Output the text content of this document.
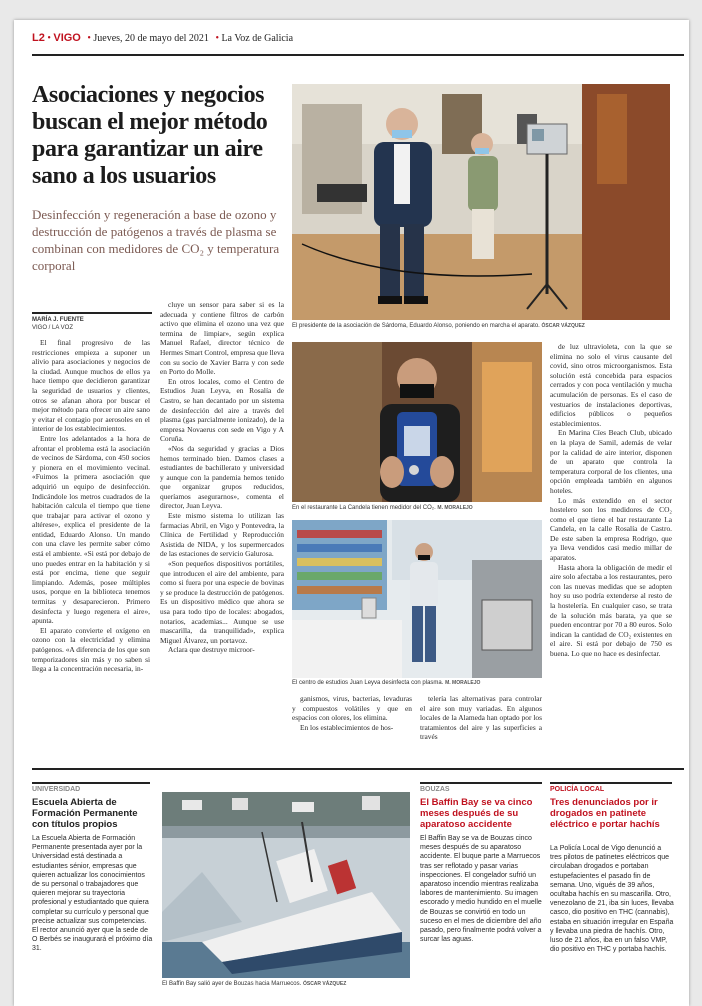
L2 • VIGO • Jueves, 20 de mayo del 2021 • La Voz de Galicia
Asociaciones y negocios buscan el mejor método para garantizar un aire sano a los usuarios
Desinfección y regeneración a base de ozono y destrucción de patógenos a través de plasma se combinan con medidores de CO₂ y temperatura corporal
MARÍA J. FUENTE
VIGO / LA VOZ	El presidente de la asociación de Sárdoma, Eduardo Alonso, poniendo en marcha el aparato. ÓSCAR VÁZQUEZ
En el restaurante La Candela tienen medidor del CO₂. M. MORALEJO
El centro de estudios Juan Leyva desinfecta con plasma. M. MORALEJO

El final progresivo de las restricciones empieza a suponer un alivio para asociaciones y negocios de la ciudad. Aunque muchos de ellos ya hace tiempo que decidieron garantizar la seguridad de usuarios y clientes, otros se afanan ahora por buscar el mejor método para ofrecer un aire sano y evitar el contagio por aerosoles en el interior de los establecimientos.

Entre los adelantados a la hora de afrontar el problema está la asociación de vecinos de Sárdoma, con 450 socios y pionera en el movimiento vecinal. «Fuimos la primera asociación que adquirió un equipo de desinfección. Indicándole los metros cuadrados de la habitación calcula el tiempo que tiene que trabajar para activar el ozono y altérese», explica el presidente de la entidad, Eduardo Alonso. Un mando con una clave les permite saber cómo está el ambiente. «Si está por debajo de uno puedes entrar en la habitación y si está por encima, tiene que seguir limpiando. Además, posee múltiples usos, porque en la biblioteca tenemos termitas y desaparecieron. Primero desinfecta y luego regenera el aire», apunta.

El aparato convierte el oxígeno en ozono con la electricidad y elimina patógenos. «A diferencia de los que son temporizadores sin más y no saben si llega a la concentración necesaria, in-

cluye un sensor para saber si es la adecuada y contiene filtros de carbón activo que elimina el ozono una vez que termina de limpiar», según explica Manuel Rafael, director técnico de Hermes Smart Control, empresa que lleva con su socio de Xavier Barra y con sede en Porto do Molle.

En otros locales, como el Centro de Estudios Juan Leyva, en Rosalía de Castro, se han decantado por un sistema de desinfección del aire a través del plasma (gas parcialmente ionizado), de la empresa Novaerus con sede en Vigo y A Coruña.

«Nos da seguridad y gracias a Dios hemos terminado bien. Damos clases a estudiantes de bachillerato y universidad y aunque con la pandemia hemos tenido que organizar grupos reducidos, queríamos asegurarnos», comenta el director, Juan Leyva.

Este mismo sistema lo utilizan las farmacias Abril, en Vigo y Pontevedra, la Clínica de Fertilidad y Reproducción Asistida de NIDA, y los supermercados de las estaciones de servicio Galurosa.

«Son pequeños dispositivos portátiles, que introducen el aire del ambiente, para como si fuera por una especie de bovinas y se produce la destrucción de patógenos. Es un dispositivo médico que ahora se usa para todo tipo de locales: abogados, notarios, academias... Aunque se use mascarilla, da tranquilidad», explica Miguel Álvarez, un portavoz.

Aclara que destruye microor-

ganismos, virus, bacterias, levaduras y compuestos volátiles y que en espacios con olores, los elimina.

En los establecimientos de hos-

telería las alternativas para controlar el aire son muy variadas. En algunos locales de la Alameda han optado por los tratamientos del aire y las superficies a través

de luz ultravioleta, con la que se elimina no solo el virus causante del covid, sino otros microorganismos. Esta solución está concebida para espacios cerrados y con poca ventilación y mucha acumulación de personas. Es el caso de vestuarios de instalaciones deportivas, edificios públicos o pequeños establecimientos.

En Marina Cíes Beach Club, ubicado en la playa de Samil, además de velar por la calidad de aire interior, disponen de un aparato que controla la temperatura corporal de los clientes, una opción empleada también en algunos hoteles.

Lo más extendido en el sector hostelero son los medidores de CO₂ como el que tiene el bar restaurante La Candela, en la calle Rosalía de Castro. De este saben la empresa Rodrigo, que ya lleva vendidos casi medio millar de aparatos.

Hasta ahora la obligación de medir el aire solo afectaba a los restaurantes, pero con las nuevas medidas que se adopten hoy su uso podría extenderse al resto de la hostelería. En cualquier caso, se trata de la solución más barata, ya que se pueden encontrar por 70 a 80 euros. Solo indican la cantidad de CO₂ existentes en el aire. Si está por debajo de 750 es buena. Lo que no hace es desinfectar.

UNIVERSIDAD
Escuela Abierta de Formación Permanente con títulos propios
La Escuela Abierta de Formación Permanente presentada ayer por la Universidad está destinada a estudiantes sénior, empresas que quieren actualizar los conocimientos de su personal o trabajadores que quieren mejorar su trayectoria profesional y estudiantado que quiera completar su currículo y personal que precise actualizar sus competencias. El rector anunció ayer que la sede de O Berbés se inaugurará el próximo día 31.
El Baffin Bay salió ayer de Bouzas hacia Marruecos. ÓSCAR VÁZQUEZ
BOUZAS
El Baffin Bay se va cinco meses después de su aparatoso accidente
El Baffin Bay se va de Bouzas cinco meses después de su aparatoso accidente. El buque parte a Marruecos tras ser reflotado y pasar varias inspecciones. El congelador sufrió un aparatoso incendio mientras realizaba labores de mantenimiento. Su imagen escorado y medio hundido en el muelle de Bouzas se convirtió en todo un suceso en el mes de diciembre del año pasado, pero finalmente podrá volver a surcar las aguas.
POLICÍA LOCAL
Tres denunciados por ir drogados en patinete eléctrico e portar hachís
La Policía Local de Vigo denunció a tres pilotos de patinetes eléctricos que circulaban drogados e portaban estupefacientes el pasado fin de semana. Uno, vigués de 39 años, ocultaba hachís en su mascarilla. Otro, venezolano de 21, iba sin luces, llevaba casco, dio positivo en THC (cannabis), estaba en situación irregular en España y llevaba una piedra de hachís. Otro, luso de 21 años, iba en un falso VMP, dio positivo en THC y portaba hachís.
